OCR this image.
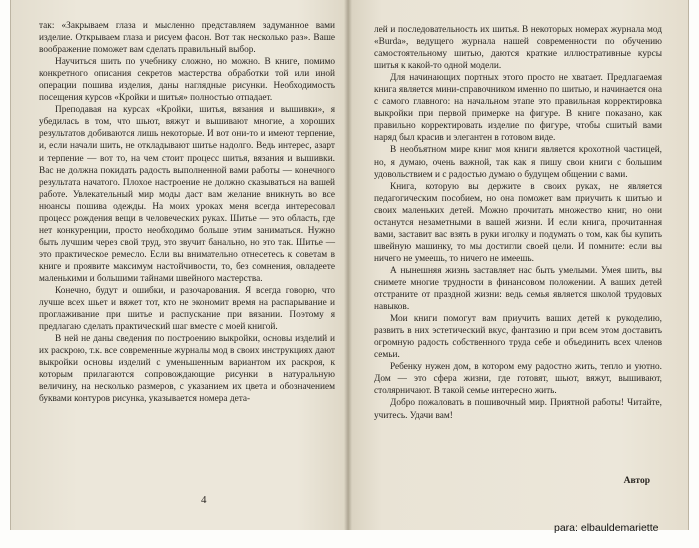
так: «Закрываем глаза и мысленно представляем задуманное вами изделие. Открываем глаза и рисуем фасон. Вот так несколько раз». Ваше воображение поможет вам сделать правильный выбор.

Научиться шить по учебнику сложно, но можно. В книге, помимо конкретного описания секретов мастерства обработки той или иной операции пошива изделия, даны наглядные рисунки. Необходимость посещения курсов «Кройки и шитья» полностью отпадает.

Преподавая на курсах «Кройки, шитья, вязания и вышивки», я убедилась в том, что шьют, вяжут и вышивают многие, а хороших результатов добиваются лишь некоторые. И вот они-то и имеют терпение, и, если начали шить, не откладывают шитье надолго. Ведь интерес, азарт и терпение — вот то, на чем стоит процесс шитья, вязания и вышивки. Вас не должна покидать радость выполненной вами работы — конечного результата начатого. Плохое настроение не должно сказываться на вашей работе. Увлекательный мир моды даст вам желание вникнуть во все нюансы пошива одежды. На моих уроках меня всегда интересовал процесс рождения вещи в человеческих руках. Шитье — это область, где нет конкуренции, просто необходимо больше этим заниматься. Нужно быть лучшим через свой труд, это звучит банально, но это так. Шитье — это практическое ремесло. Если вы внимательно отнесетесь к советам в книге и проявите максимум настойчивости, то, без сомнения, овладеете маленькими и большими тайнами швейного мастерства.

Конечно, будут и ошибки, и разочарования. Я всегда говорю, что лучше всех шьет и вяжет тот, кто не экономит время на распарывание и проглаживание при шитье и распускание при вязании. Поэтому я предлагаю сделать практический шаг вместе с моей книгой.

В ней не даны сведения по построению выкройки, основы изделий и их раскрою, т.к. все современные журналы мод в своих инструкциях дают выкройки основы изделий с уменьшенным вариантом их раскроя, к которым прилагаются сопровождающие рисунки в натуральную величину, на несколько размеров, с указанием их цвета и обозначением буквами контуров рисунка, указывается номера дета-

4

лей и последовательность их шитья. В некоторых номерах журнала мод «Burda», ведущего журнала нашей современности по обучению самостоятельному шитью, даются краткие иллюстративные курсы шитья к какой-то одной модели.

Для начинающих портных этого просто не хватает. Предлагаемая книга является мини-справочником именно по шитью, и начинается она с самого главного: на начальном этапе это правильная корректировка выкройки при первой примерке на фигуре. В книге показано, как правильно корректировать изделие по фигуре, чтобы сшитый вами наряд был красив и элегантен в готовом виде.

В необъятном мире книг моя книги является крохотной частицей, но, я думаю, очень важной, так как я пишу свои книги с большим удовольствием и с радостью думаю о будущем общении с вами.

Книга, которую вы держите в своих руках, не является педагогическим пособием, но она поможет вам приучить к шитью и своих маленьких детей. Можно прочитать множество книг, но они останутся незаметными в вашей жизни. И если книга, прочитанная вами, заставит вас взять в руки иголку и подумать о том, как бы купить швейную машинку, то мы достигли своей цели. И помните: если вы ничего не умеешь, то ничего не имеешь.

А нынешняя жизнь заставляет нас быть умелыми. Умея шить, вы снимете многие трудности в финансовом положении. А ваших детей отстраните от праздной жизни: ведь семья является школой трудовых навыков.

Мои книги помогут вам приучить ваших детей к рукоделию, развить в них эстетический вкус, фантазию и при всем этом доставить огромную радость собственного труда себе и объединить всех членов семьи.

Ребенку нужен дом, в котором ему радостно жить, тепло и уютно. Дом — это сфера жизни, где готовят, шьют, вяжут, вышивают, столярничают. В такой семье интересно жить.

Добро пожаловать в пошивочный мир. Приятной работы! Читайте, учитесь. Удачи вам!

Автор
para: elbauldemariette
